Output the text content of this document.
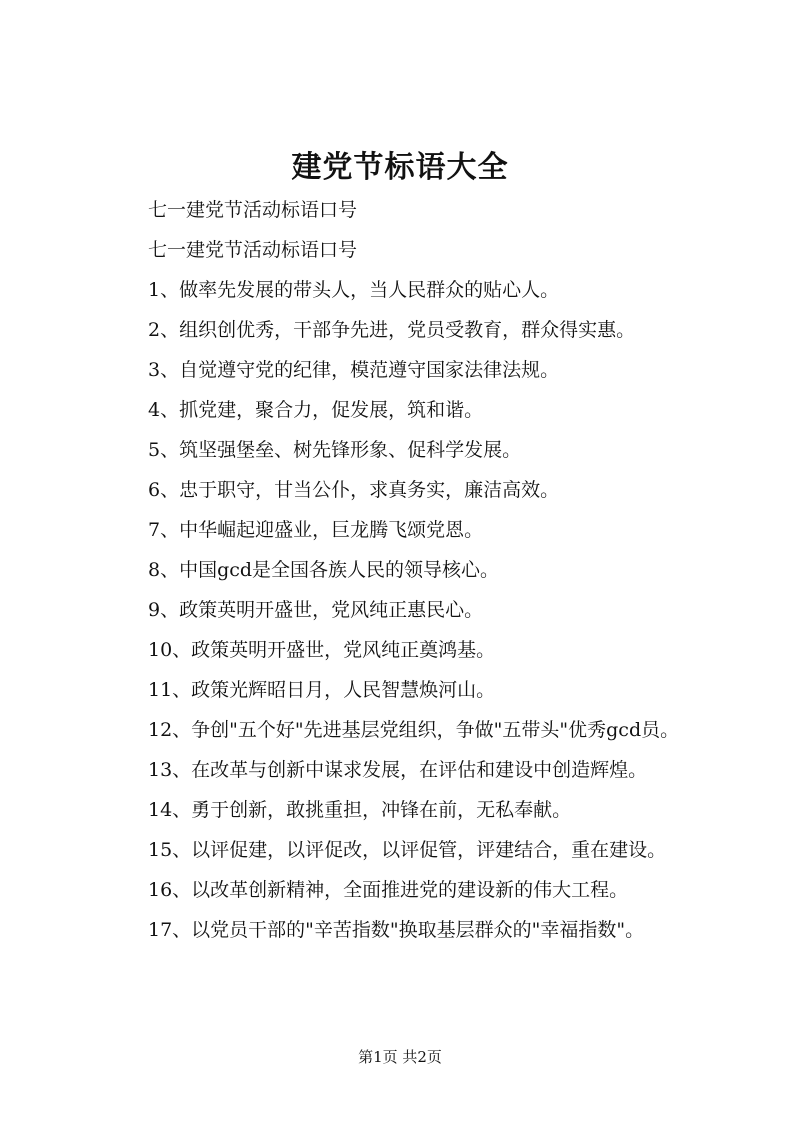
建党节标语大全

七一建党节活动标语口号

七一建党节活动标语口号

1、做率先发展的带头人，当人民群众的贴心人。

2、组织创优秀，干部争先进，党员受教育，群众得实惠。

3、自觉遵守党的纪律，模范遵守国家法律法规。

4、抓党建，聚合力，促发展，筑和谐。

5、筑坚强堡垒、树先锋形象、促科学发展。

6、忠于职守，甘当公仆，求真务实，廉洁高效。

7、中华崛起迎盛业，巨龙腾飞颂党恩。

8、中国gcd是全国各族人民的领导核心。

9、政策英明开盛世，党风纯正惠民心。

10、政策英明开盛世，党风纯正奠鸿基。

11、政策光辉昭日月，人民智慧焕河山。

12、争创"五个好"先进基层党组织，争做"五带头"优秀gcd员。

13、在改革与创新中谋求发展，在评估和建设中创造辉煌。

14、勇于创新，敢挑重担，冲锋在前，无私奉献。

15、以评促建，以评促改，以评促管，评建结合，重在建设。

16、以改革创新精神，全面推进党的建设新的伟大工程。

17、以党员干部的"辛苦指数"换取基层群众的"幸福指数"。

第1页 共2页
